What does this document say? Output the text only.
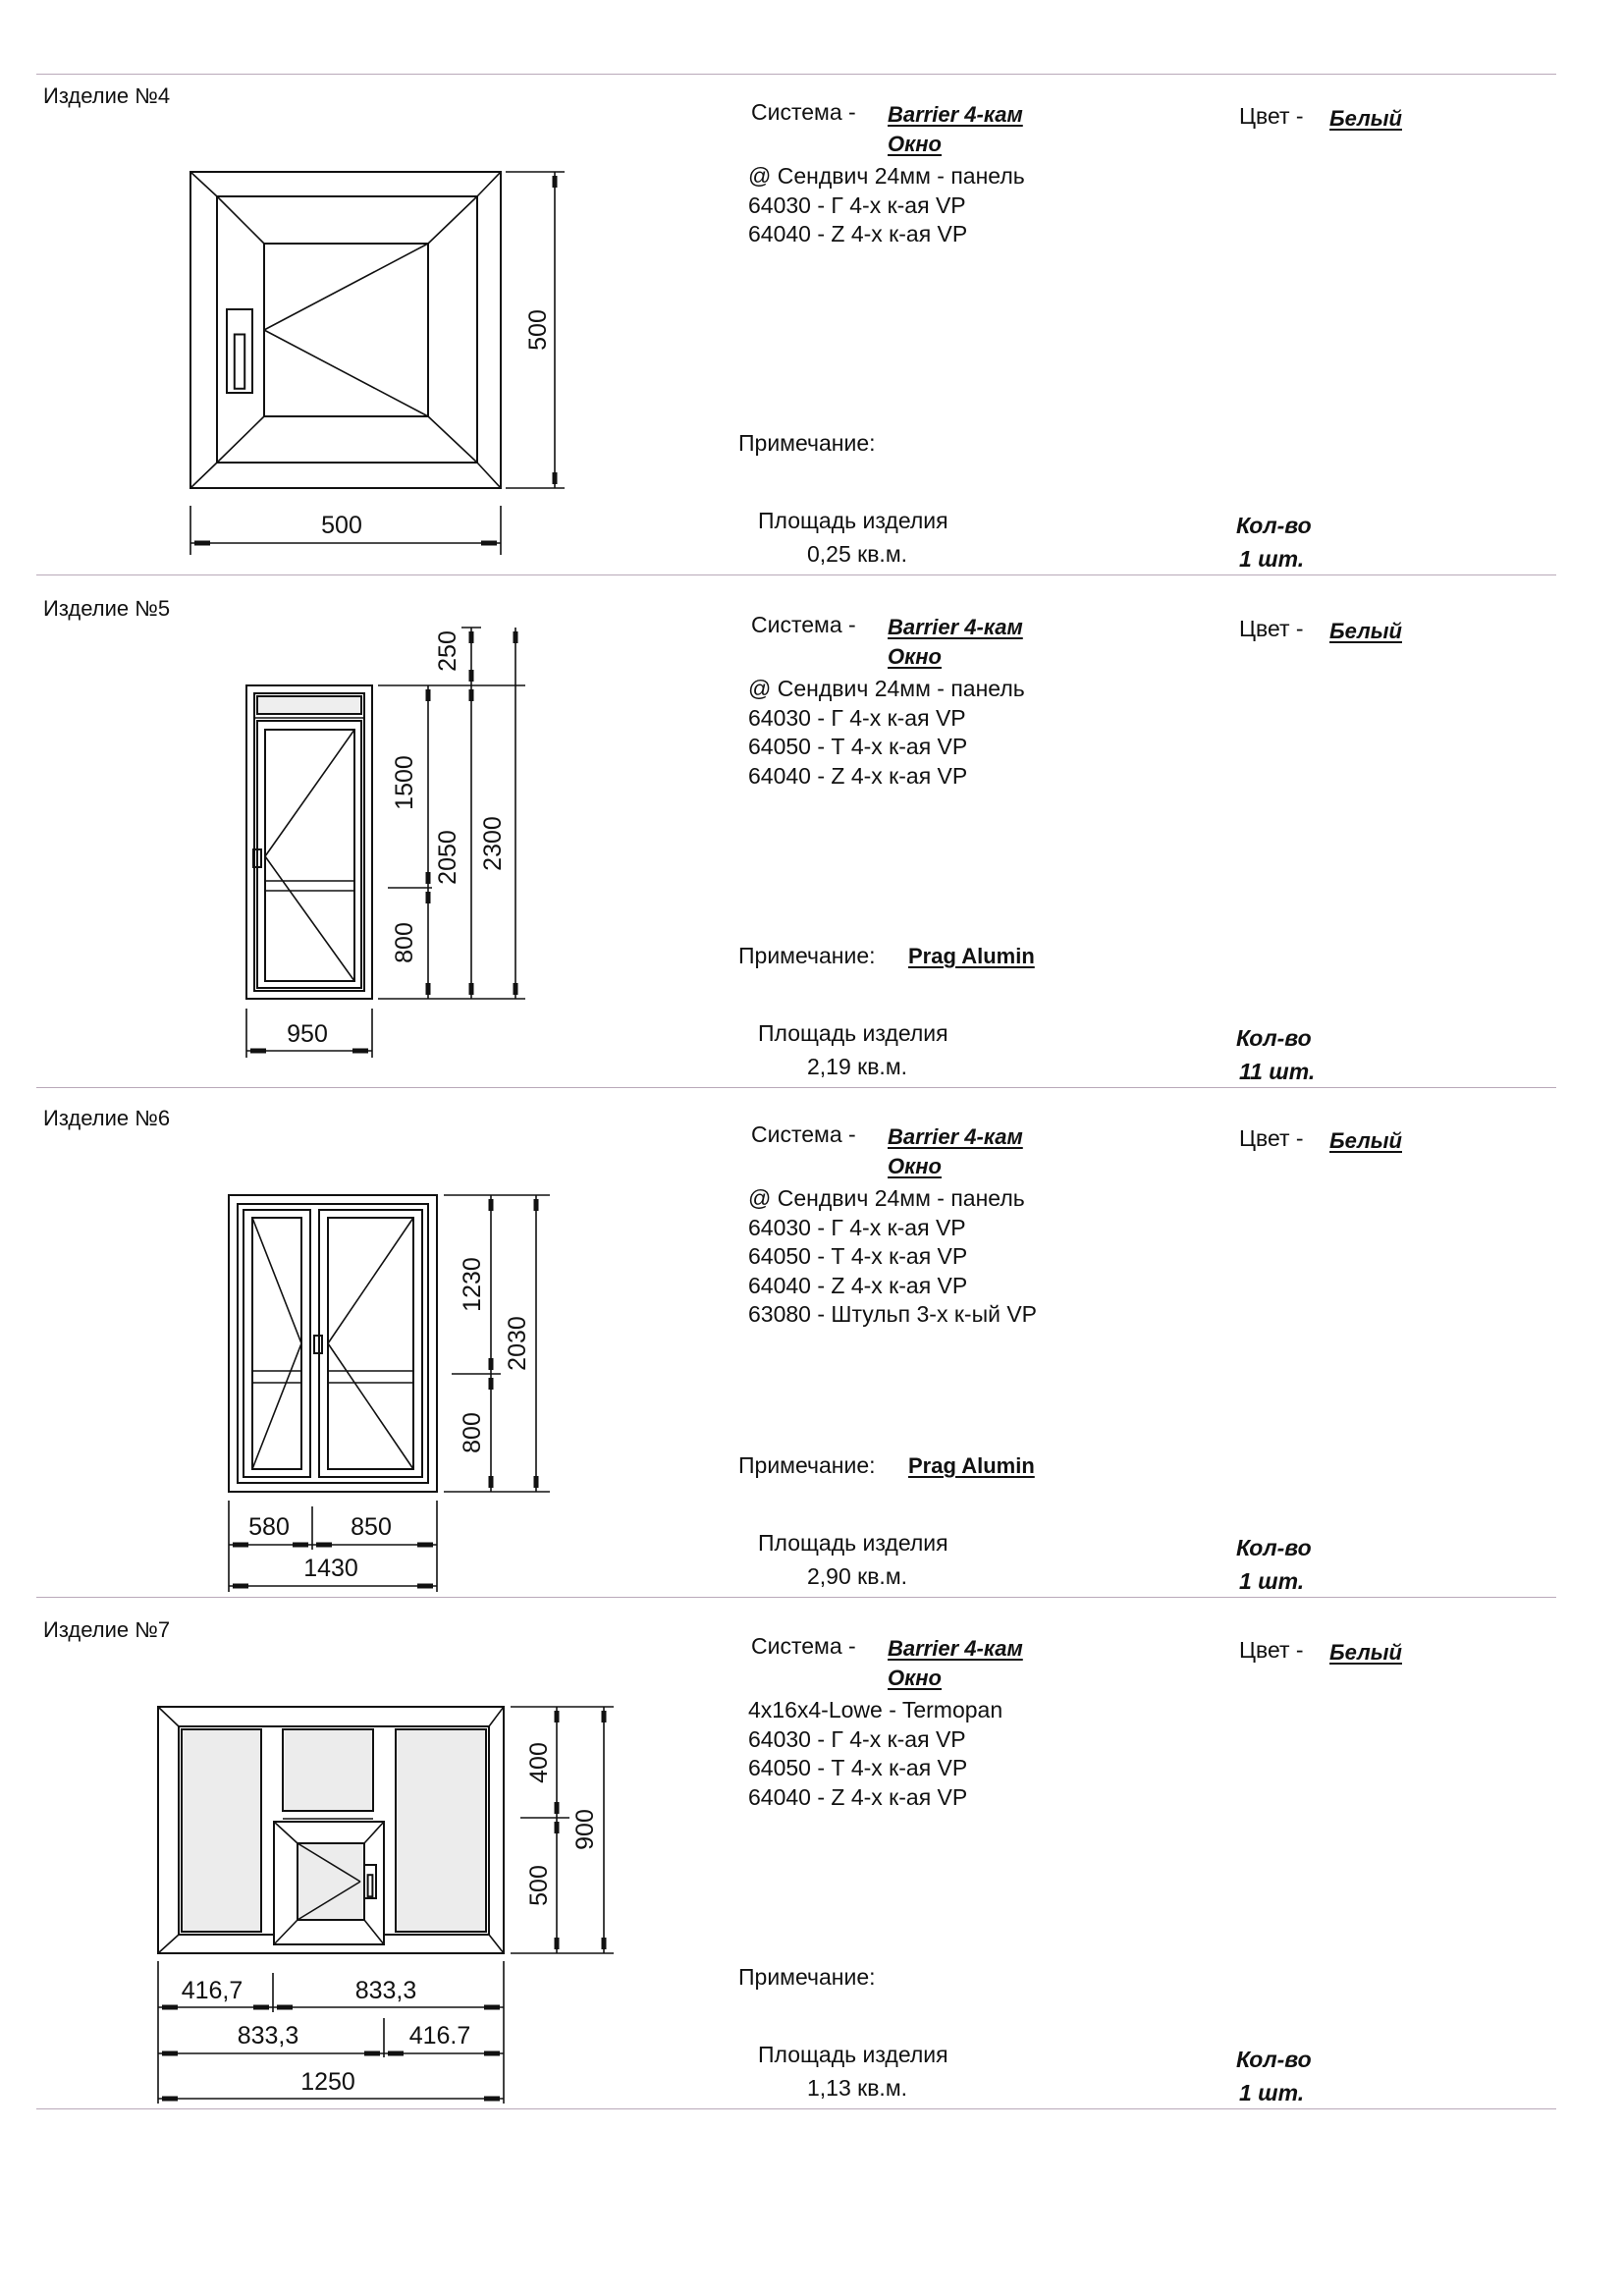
500
500
Изделие №4
Система - Barrier 4-кам
Окно
@ Сендвич 24мм - панель
64030 - Г 4-х к-ая VP
64040 - Z 4-х к-ая VP
Цвет - Белый
Примечание:
Площадь изделия
0,25 кв.м.
Кол-во
1 шт.
250
2050
1500
800
2300
950
Изделие №5
Система - Barrier 4-кам
Окно
@ Сендвич 24мм - панель
64030 - Г 4-х к-ая VP
64050 - Т 4-х к-ая VP
64040 - Z 4-х к-ая VP
Цвет - Белый
Примечание: Prag Alumin
Площадь изделия
2,19 кв.м.
Кол-во
11 шт.
1230
800
2030
580 850
1430
Изделие №6
Система - Barrier 4-кам
Окно
@ Сендвич 24мм - панель
64030 - Г 4-х к-ая VP
64050 - Т 4-х к-ая VP
64040 - Z 4-х к-ая VP
63080 - Штульп 3-х к-ый VP
Цвет - Белый
Примечание: Prag Alumin
Площадь изделия
2,90 кв.м.
Кол-во
1 шт.
400
500
900
416,7	833,3
833,3	416.7
1250
Изделие №7
Система - Barrier 4-кам
Окно
4x16x4-Lowe - Termopan
64030 - Г 4-х к-ая VP
64050 - Т 4-х к-ая VP
64040 - Z 4-х к-ая VP
Цвет - Белый
Примечание:
Площадь изделия
1,13 кв.м.
Кол-во
1 шт.
